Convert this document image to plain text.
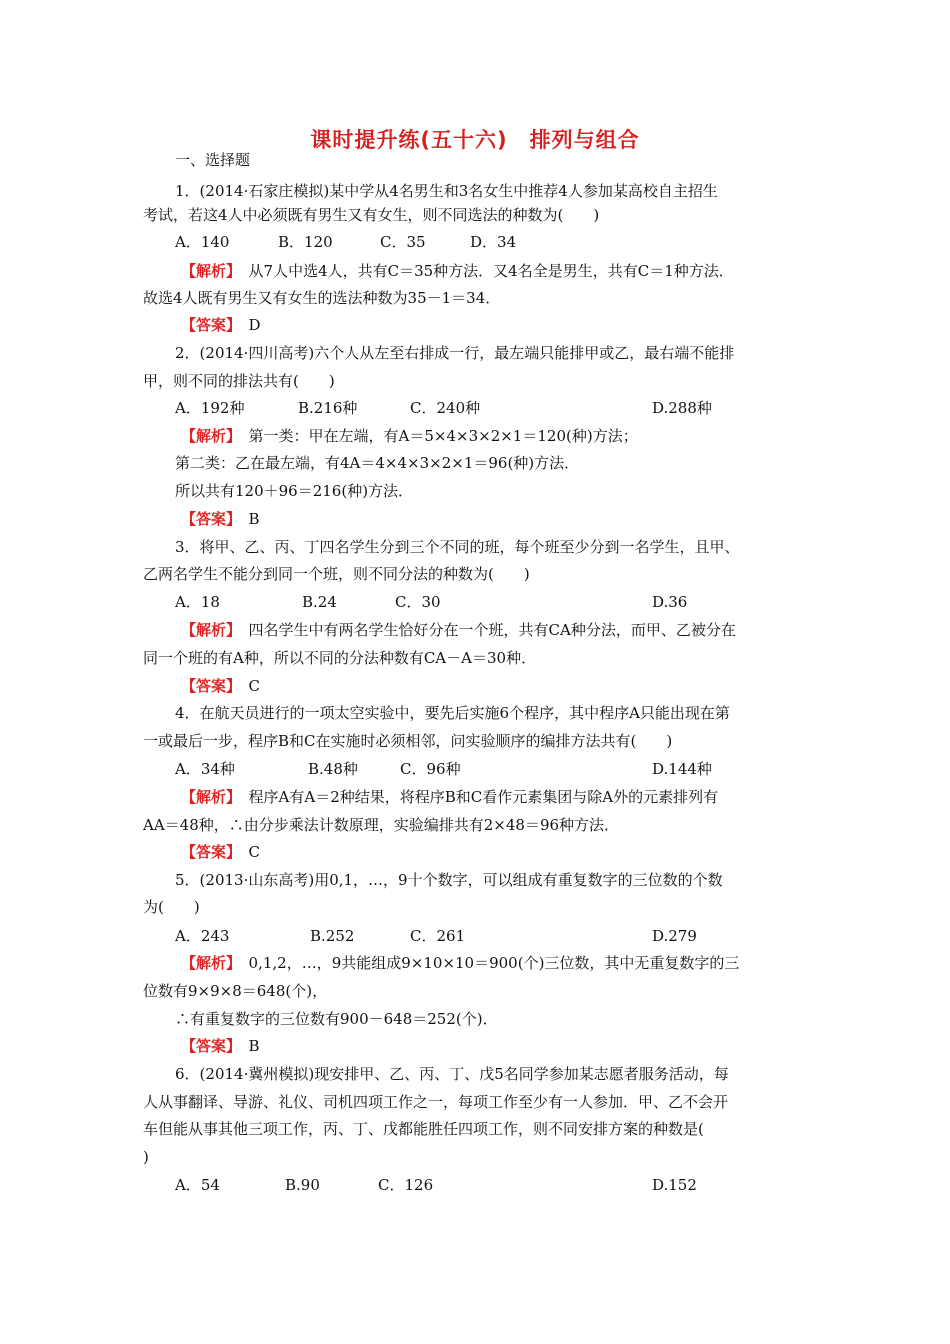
课时提升练(五十六)　排列与组合
一、选择题
1．(2014·石家庄模拟)某中学从4名男生和3名女生中推荐4人参加某高校自主招生
考试，若这4人中必须既有男生又有女生，则不同选法的种数为(　　)
A．140	B．120	C．35	D．34
【解析】　 从7人中选4人，共有C＝35种方法．又4名全是男生，共有C＝1种方法．
故选4人既有男生又有女生的选法种数为35－1＝34．
【答案】　 D
2．(2014·四川高考)六个人从左至右排成一行，最左端只能排甲或乙，最右端不能排
甲，则不同的排法共有(　　)
A．192种	B.216种	C．240种	D.288种
【解析】　 第一类：甲在左端，有A＝5×4×3×2×1＝120(种)方法；
第二类：乙在最左端，有4A＝4×4×3×2×1＝96(种)方法．
所以共有120＋96＝216(种)方法．
【答案】　 B
3．将甲、乙、丙、丁四名学生分到三个不同的班，每个班至少分到一名学生，且甲、
乙两名学生不能分到同一个班，则不同分法的种数为(　　)
A．18	B.24	C．30	D.36
【解析】　 四名学生中有两名学生恰好分在一个班，共有CA种分法，而甲、乙被分在
同一个班的有A种，所以不同的分法种数有CA－A＝30种．
【答案】　 C
4．在航天员进行的一项太空实验中，要先后实施6个程序，其中程序A只能出现在第
一或最后一步，程序B和C在实施时必须相邻，问实验顺序的编排方法共有(　　)
A．34种	B.48种	C．96种	D.144种
【解析】　 程序A有A＝2种结果，将程序B和C看作元素集团与除A外的元素排列有
AA＝48种，∴由分步乘法计数原理，实验编排共有2×48＝96种方法．
【答案】　 C
5．(2013·山东高考)用0,1，…，9十个数字，可以组成有重复数字的三位数的个数
为(　　)
A．243	B.252	C．261	D.279
【解析】　 0,1,2，…，9共能组成9×10×10＝900(个)三位数，其中无重复数字的三
位数有9×9×8＝648(个)，
∴有重复数字的三位数有900－648＝252(个)．
【答案】　 B
6．(2014·冀州模拟)现安排甲、乙、丙、丁、戊5名同学参加某志愿者服务活动，每
人从事翻译、导游、礼仪、司机四项工作之一，每项工作至少有一人参加．甲、乙不会开
车但能从事其他三项工作，丙、丁、戊都能胜任四项工作，则不同安排方案的种数是(
)
A．54	B.90	C．126	D.152
